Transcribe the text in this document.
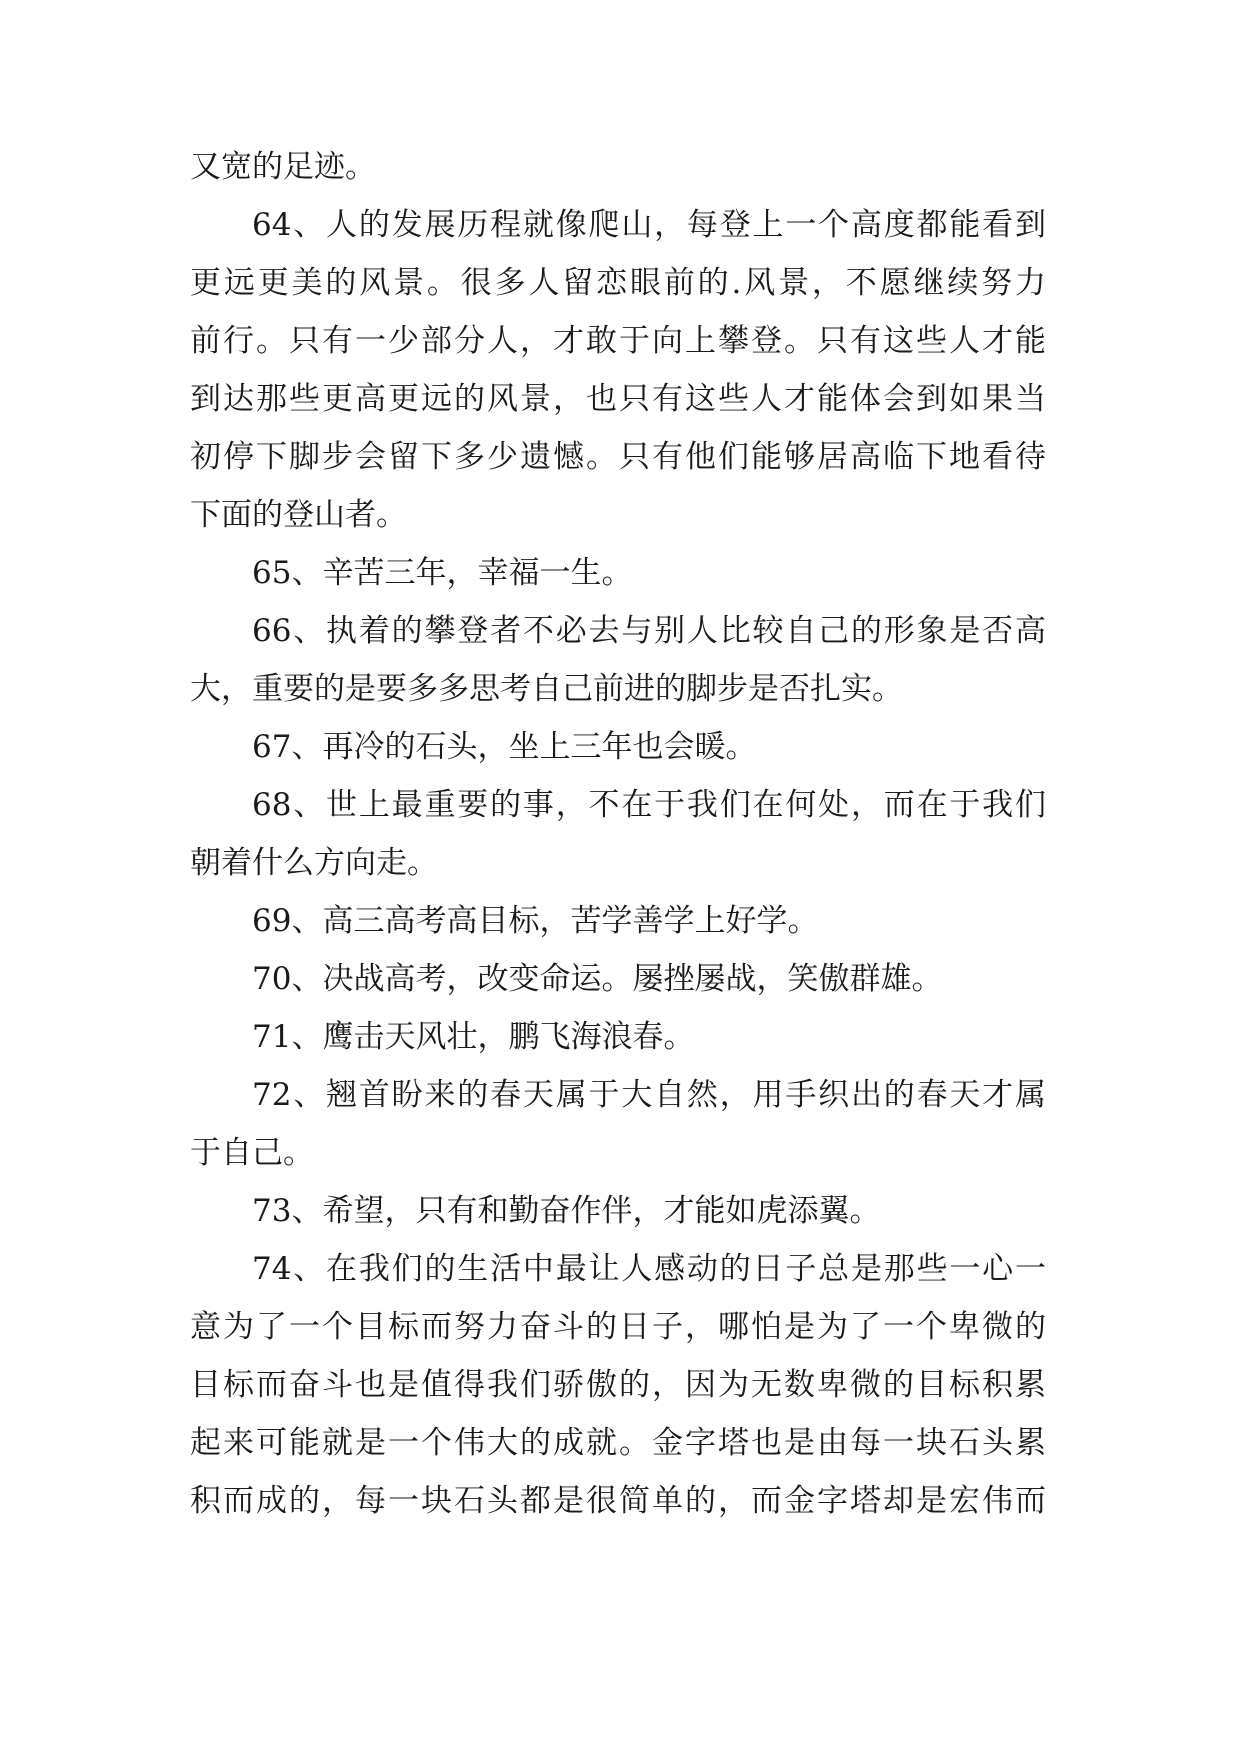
又宽的足迹。
64、人的发展历程就像爬山，每登上一个高度都能看到
更远更美的风景。很多人留恋眼前的.风景，不愿继续努力
前行。只有一少部分人，才敢于向上攀登。只有这些人才能
到达那些更高更远的风景，也只有这些人才能体会到如果当
初停下脚步会留下多少遗憾。只有他们能够居高临下地看待
下面的登山者。
65、辛苦三年，幸福一生。
66、执着的攀登者不必去与别人比较自己的形象是否高
大，重要的是要多多思考自己前进的脚步是否扎实。
67、再冷的石头，坐上三年也会暖。
68、世上最重要的事，不在于我们在何处，而在于我们
朝着什么方向走。
69、高三高考高目标，苦学善学上好学。
70、决战高考，改变命运。屡挫屡战，笑傲群雄。
71、鹰击天风壮，鹏飞海浪春。
72、翘首盼来的春天属于大自然，用手织出的春天才属
于自己。
73、希望，只有和勤奋作伴，才能如虎添翼。
74、在我们的生活中最让人感动的日子总是那些一心一
意为了一个目标而努力奋斗的日子，哪怕是为了一个卑微的
目标而奋斗也是值得我们骄傲的，因为无数卑微的目标积累
起来可能就是一个伟大的成就。金字塔也是由每一块石头累
积而成的，每一块石头都是很简单的，而金字塔却是宏伟而
